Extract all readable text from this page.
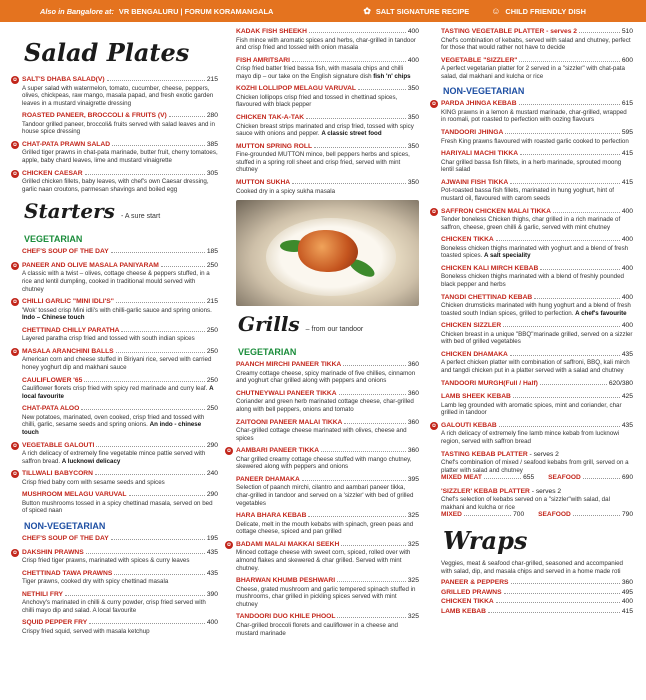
Also in Bangalore at: VR BENGALURU | FORUM KORAMANGALA	✿ SALT SIGNATURE RECIPE ☺ CHILD FRIENDLY DISH
Salad Plates
✿ SALT'S DHABA SALAD(V)	215
A super salad with watermelon, tomato, cucumber, cheese, peppers, olives, chickpeas, raw mango, masala papad, and fresh exotic garden leaves in a mustard vinaigrette dressing
ROASTED PANEER, BROCCOLI & FRUITS (V)	280
Tandoor grilled paneer, broccoli& fruits served with salad leaves and in house spice dressing
✿ CHAT-PATA PRAWN SALAD	385
Grilled tiger prawns in chat-pata marinade, butter fruit, cherry tomatoes, apple, baby chard leaves, lime and mustard vinaigrette
✿ CHICKEN CAESAR	305
Grilled chicken fillets, baby leaves, with chef's own Caesar dressing, garlic naan croutons, parmesan shavings and boiled egg
Starters - A sure start
VEGETARIAN
CHEF'S SOUP OF THE DAY	185
✿ PANEER AND OLIVE MASALA PANIYARAM	250
A classic with a twist – olives, cottage cheese & peppers stuffed, in a rice and lentil dumpling, cooked in traditional mould served with chutney
✿ CHILLI GARLIC "MINI IDLI'S"	215
'Wok' tossed crisp Mini idli's with chilli-garlic sauce and spring onions. Indo – Chinese touch
CHETTINAD CHILLY PARATHA	250
Layered paratha crisp fried and tossed with south indian spices
✿ MASALA ARANCHINI BALLS	250
American corn and cheese stuffed in Biriyani rice, served with carried honey yoghurt dip and makhani sauce
CAULIFLOWER '65	250
Cauliflower florets crisp fried with spicy red marinade and curry leaf. A local favourite
CHAT-PATA ALOO	250
New potatoes, marinated, oven cooked, crisp fried and tossed with chilli, garlic, sesame seeds and spring onions. An indo - chinese touch
✿ VEGETABLE GALOUTI	290
A rich delicacy of extremely fine vegetable mince pattie served with saffron bread. A lucknowi delicacy
✿ TILLWALI BABYCORN	240
Crisp fried baby corn with sesame seeds and spices
MUSHROOM MELAGU VARUVAL	290
Button mushrooms tossed in a spicy chettinad masala, served on bed of spiced naan
NON-VEGETARIAN
CHEF'S SOUP OF THE DAY	195
✿ DAKSHIN PRAWNS	435
Crisp fried tiger prawns, marinated with spices & curry leaves
CHETTINAD TAWA PRAWNS	435
Tiger prawns, cooked dry with spicy chettinad masala
NETHILI FRY	390
Anchovy's marinated in chilli & curry powder, crisp fried served with chilli mayo dip and salad. A local favourite
SQUID PEPPER FRY	400
Crispy fried squid, served with masala ketchup
KADAK FISH SHEEKH	400
Fish mince with aromatic spices and herbs, char-grilled in tandoor and crisp fried and tossed with onion masala
FISH AMRITSARI	400
Crisp fried batter fried bassa fish, with masala chips and chilli mayo dip – our take on the English signature dish fish 'n' chips
KOZHI LOLLIPOP MELAGU VARUVAL	350
Chicken lollipops crisp fried and tossed in chettinad spices, flavoured with black pepper
CHICKEN TAK-A-TAK	350
Chicken breast strips marinated and crisp fried, tossed with spicy sauce with onions and pepper. A classic street food
MUTTON SPRING ROLL	350
Fine-grounded MUTTON mince, bell peppers herbs and spices, stuffed in a spring roll sheet and crisp fried, served with mint chutney
MUTTON SUKHA	350
Cooked dry in a spicy sukha masala
Grills – from our tandoor
VEGETARIAN
PAANCH MIRCHI PANEER TIKKA	360
Creamy cottage cheese, spicy marinade of five chillies, cinnamon and yoghurt char grilled along with peppers and onions
CHUTNEYWALI PANEER TIKKA	360
Coriander and green herb marinated cottage cheese, char-grilled along with bell peppers, onions and tomato
ZAITOONI PANEER MALAI TIKKA	360
Char-grilled cottage cheese marinated with olives, cheese and spices
✿ AAMBARI PANEER TIKKA	360
Char grilled creamy cottage cheese stuffed with mango chutney, skewered along with peppers and onions
PANEER DHAMAKA	395
Selection of paanch mirchi, cilantro and aambari paneer tikka, char-grilled in tandoor and served on a 'sizzler' with bed of grilled vegetables
HARA BHARA KEBAB	325
Delicate, melt in the mouth kebabs with spinach, green peas and cottage cheese, spiced and pan grilled
✿ BADAMI MALAI MAKKAI SEEKH	325
Minced cottage cheese with sweet corn, spiced, rolled over with almond flakes and skewered & char grilled. Served with mint chutney.
BHARWAN KHUMB PESHWARI	325
Cheese, grated mushroom and garlic tempered spinach stuffed in mushrooms, char grilled in pickling spices served with mint chutney
TANDOORI DUO KHILE PHOOL	325
Char-grilled broccoli florets and cauliflower in a cheese and mustard marinade
TASTING VEGETABLE PLATTER - serves 2	510
Chef's combination of kebabs, served with salad and chutney, perfect for those that would rather not have to decide
VEGETABLE "SIZZLER"	600
A perfect vegetarian platter for 2 served in a "sizzler" with chat-pata salad, dal makhani and kulcha or rice
NON-VEGETARIAN
✿ PARDA JHINGA KEBAB	615
KING prawns in a lemon & mustard marinade, char-grilled, wrapped in roomali, pot roasted to perfection with oozing flavours
TANDOORI JHINGA	595
Fresh King prawns flavoured with roasted garlic cooked to perfection
HARIYALI MACHI TIKKA	415
Char grilled bassa fish fillets, in a herb marinade, sprouted moong lentil salad
AJWAINI FISH TIKKA	415
Pot-roasted bassa fish fillets, marinated in hung yoghurt, hint of mustard oil, flavoured with carom seeds
✿ SAFFRON CHICKEN MALAI TIKKA	400
Tender boneless Chicken thighs, char grilled in a rich marinade of saffron, cheese, green chilli & garlic, served with mint chutney
CHICKEN TIKKA	400
Boneless chicken thighs marinated with yoghurt and a blend of fresh toasted spices. A salt speciality
CHICKEN KALI MIRCH KEBAB	400
Boneless chicken thighs marinated with a blend of freshly pounded black pepper and herbs
TANGDI CHETTINAD KEBAB	400
Chicken drumsticks marinated with hung yoghurt and a blend of fresh toasted south Indian spices, grilled to perfection. A chef's favourite
CHICKEN SIZZLER	400
Chicken breast in a unique "BBQ"marinade grilled, served on a sizzler with bed of grilled vegetables
CHICKEN DHAMAKA	435
A perfect chicken platter with combination of saffroni, BBQ, kali mirch and tangdi chicken put in a platter served with a salad and chutney
TANDOORI MURGH(Full / Half)	620/380
LAMB SHEEK KEBAB	425
Lamb leg grounded with aromatic spices, mint and coriander, char grilled in tandoor
✿ GALOUTI KEBAB	435
A rich delicacy of extremely fine lamb mince kebab from lucknowi region, served with saffron bread
TASTING KEBAB PLATTER
- serves 2
Chef's combination of mixed / seafood kebabs from grill, served on a platter with salad and chutney
MIXED MEAT	655 SEAFOOD	690
'SIZZLER' KEBAB PLATTER
- serves 2
Chef's selection of kebabs served on a "sizzler"with salad, dal makhani and kulcha or rice
MIXED	700 SEAFOOD	790
Wraps
Veggies, meat & seafood char-grilled, seasoned and accompanied with salad, dip, and masala chips and served in a home made roti
PANEER & PEPPERS	360
GRILLED PRAWNS	495
CHICKEN TIKKA	400
LAMB KEBAB	415
